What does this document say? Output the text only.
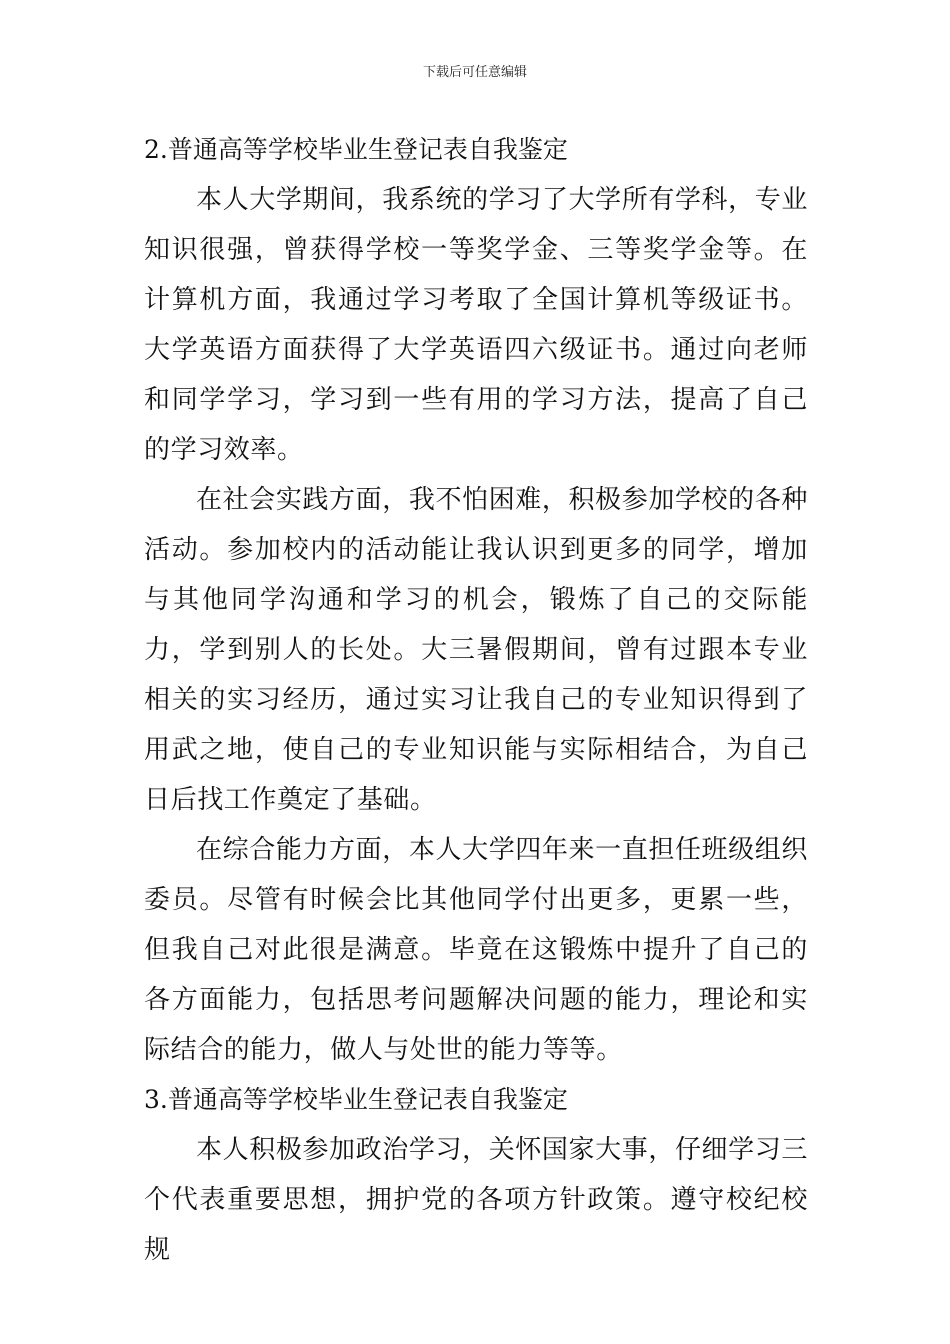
下载后可任意编辑
2.普通高等学校毕业生登记表自我鉴定

本人大学期间，我系统的学习了大学所有学科，专业知识很强，曾获得学校一等奖学金、三等奖学金等。在计算机方面，我通过学习考取了全国计算机等级证书。大学英语方面获得了大学英语四六级证书。通过向老师和同学学习，学习到一些有用的学习方法，提高了自己的学习效率。

在社会实践方面，我不怕困难，积极参加学校的各种活动。参加校内的活动能让我认识到更多的同学，增加与其他同学沟通和学习的机会，锻炼了自己的交际能力，学到别人的长处。大三暑假期间，曾有过跟本专业相关的实习经历，通过实习让我自己的专业知识得到了用武之地，使自己的专业知识能与实际相结合，为自己日后找工作奠定了基础。

在综合能力方面，本人大学四年来一直担任班级组织委员。尽管有时候会比其他同学付出更多，更累一些，但我自己对此很是满意。毕竟在这锻炼中提升了自己的各方面能力，包括思考问题解决问题的能力，理论和实际结合的能力，做人与处世的能力等等。

3.普通高等学校毕业生登记表自我鉴定

本人积极参加政治学习，关怀国家大事，仔细学习三个代表重要思想，拥护党的各项方针政策。遵守校纪校规
